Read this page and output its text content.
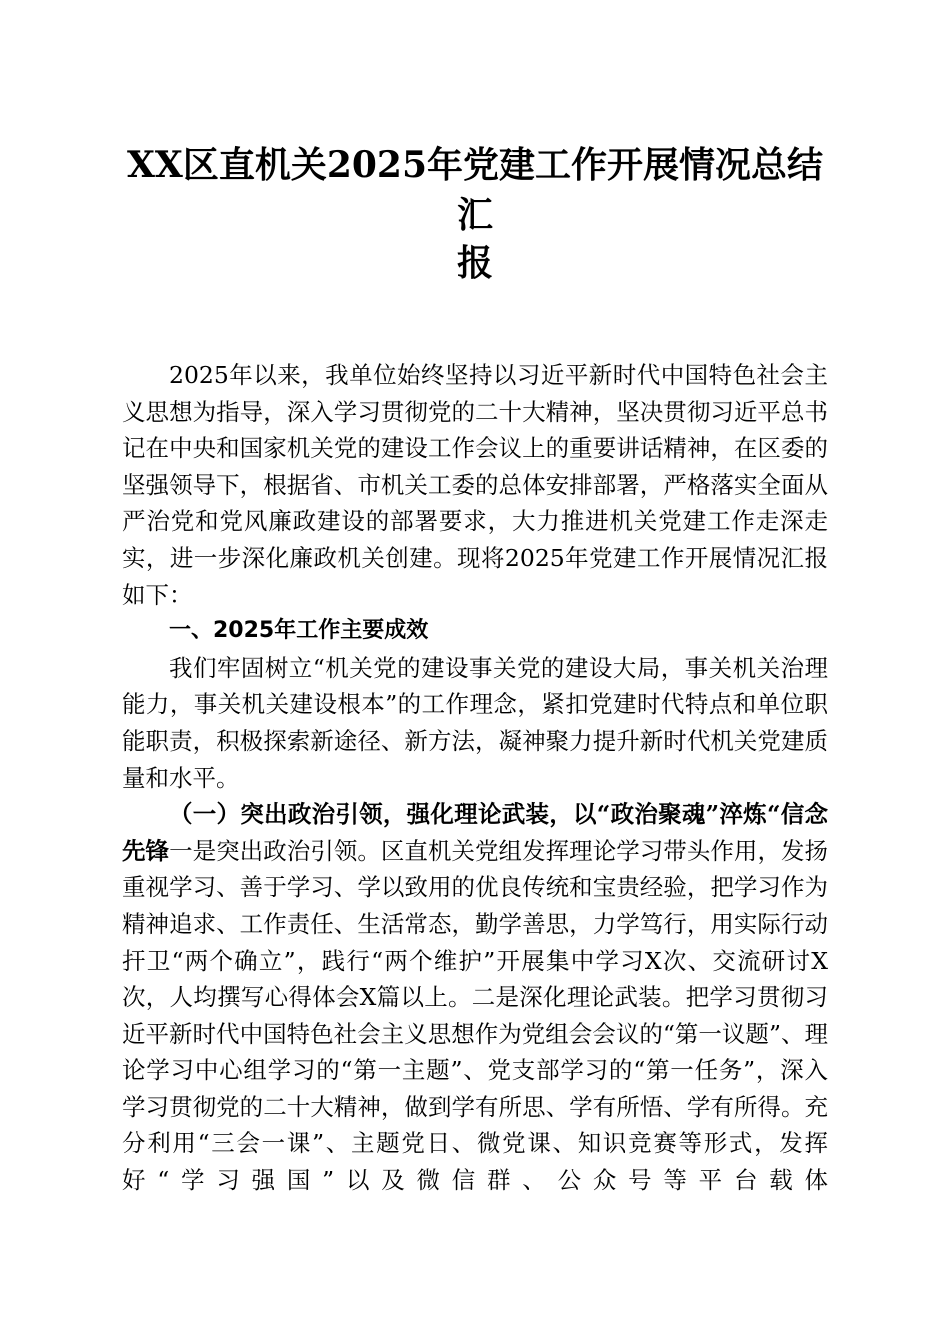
XX区直机关2025年党建工作开展情况总结汇
报

2025年以来，我单位始终坚持以习近平新时代中国特色社会主义思想为指导，深入学习贯彻党的二十大精神，坚决贯彻习近平总书记在中央和国家机关党的建设工作会议上的重要讲话精神，在区委的坚强领导下，根据省、市机关工委的总体安排部署，严格落实全面从严治党和党风廉政建设的部署要求，大力推进机关党建工作走深走实，进一步深化廉政机关创建。现将2025年党建工作开展情况汇报如下：

一、2025年工作主要成效

我们牢固树立“机关党的建设事关党的建设大局，事关机关治理能力，事关机关建设根本”的工作理念，紧扣党建时代特点和单位职能职责，积极探索新途径、新方法，凝神聚力提升新时代机关党建质量和水平。

（一）突出政治引领，强化理论武装，以“政治聚魂”淬炼“信念先锋一是突出政治引领。区直机关党组发挥理论学习带头作用，发扬重视学习、善于学习、学以致用的优良传统和宝贵经验，把学习作为精神追求、工作责任、生活常态，勤学善思，力学笃行，用实际行动扞卫“两个确立”，践行“两个维护”开展集中学习X次、交流研讨X次，人均撰写心得体会X篇以上。二是深化理论武装。把学习贯彻习近平新时代中国特色社会主义思想作为党组会会议的“第一议题”、理论学习中心组学习的“第一主题”、党支部学习的“第一任务”，深入学习贯彻党的二十大精神，做到学有所思、学有所悟、学有所得。充分利用“三会一课”、主题党日、微党课、知识竞赛等形式，发挥好“学习强国”以及微信群、公众号等平台载体
